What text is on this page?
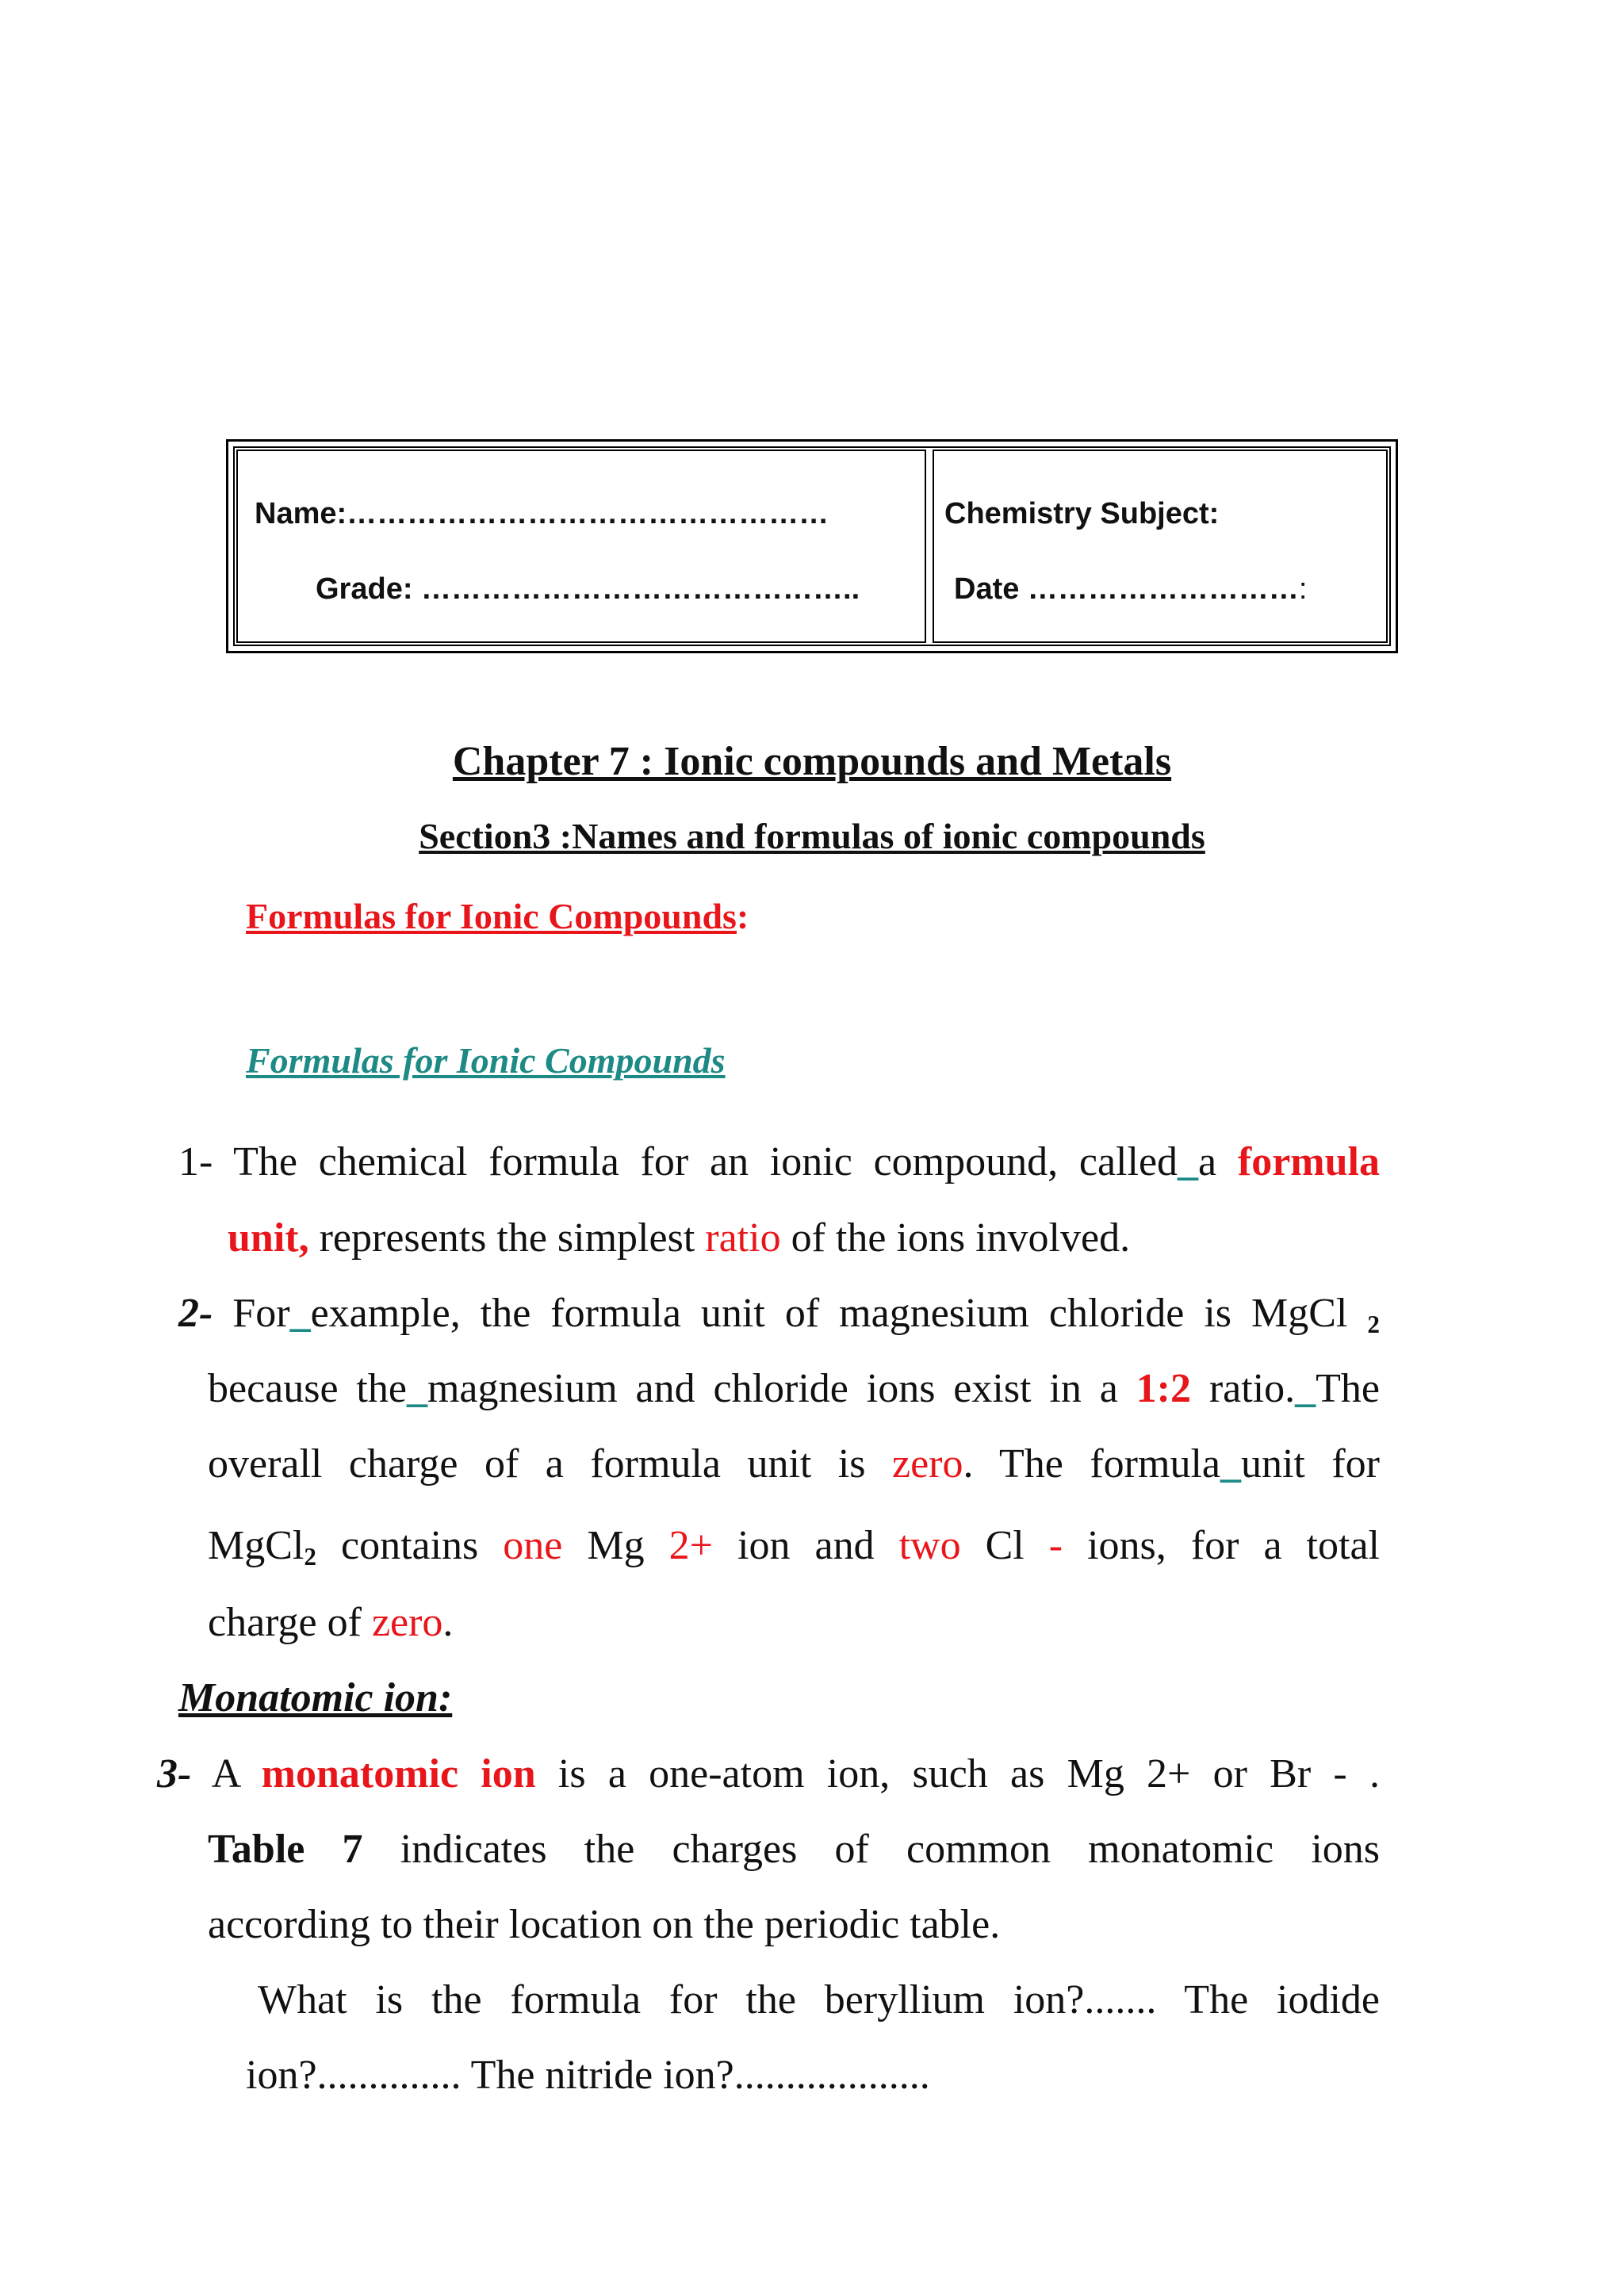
Name:…………………………………………
Grade: ……………………………………..
Chemistry Subject:
Date ………………………:
Chapter 7 : Ionic compounds and Metals
Section3 :Names and formulas of ionic compounds
Formulas for Ionic Compounds:
Formulas for Ionic Compounds
1- The chemical formula for an ionic compound, called_a formula
unit, represents the simplest ratio of the ions involved.
2- For_example, the formula unit of magnesium chloride is MgCl $_2$
because the_magnesium and chloride ions exist in a 1:2 ratio._The
overall charge of a formula unit is zero. The formula_unit for
MgCl$_2$ contains one Mg 2+ ion and two Cl - ions, for a total
charge of zero.
Monatomic ion:
3- A monatomic ion is a one-atom ion, such as Mg 2+ or Br - .
Table 7 indicates the charges of common monatomic ions
according to their location on the periodic table.
What is the formula for the beryllium ion?....... The iodide
ion?.............. The nitride ion?...................
